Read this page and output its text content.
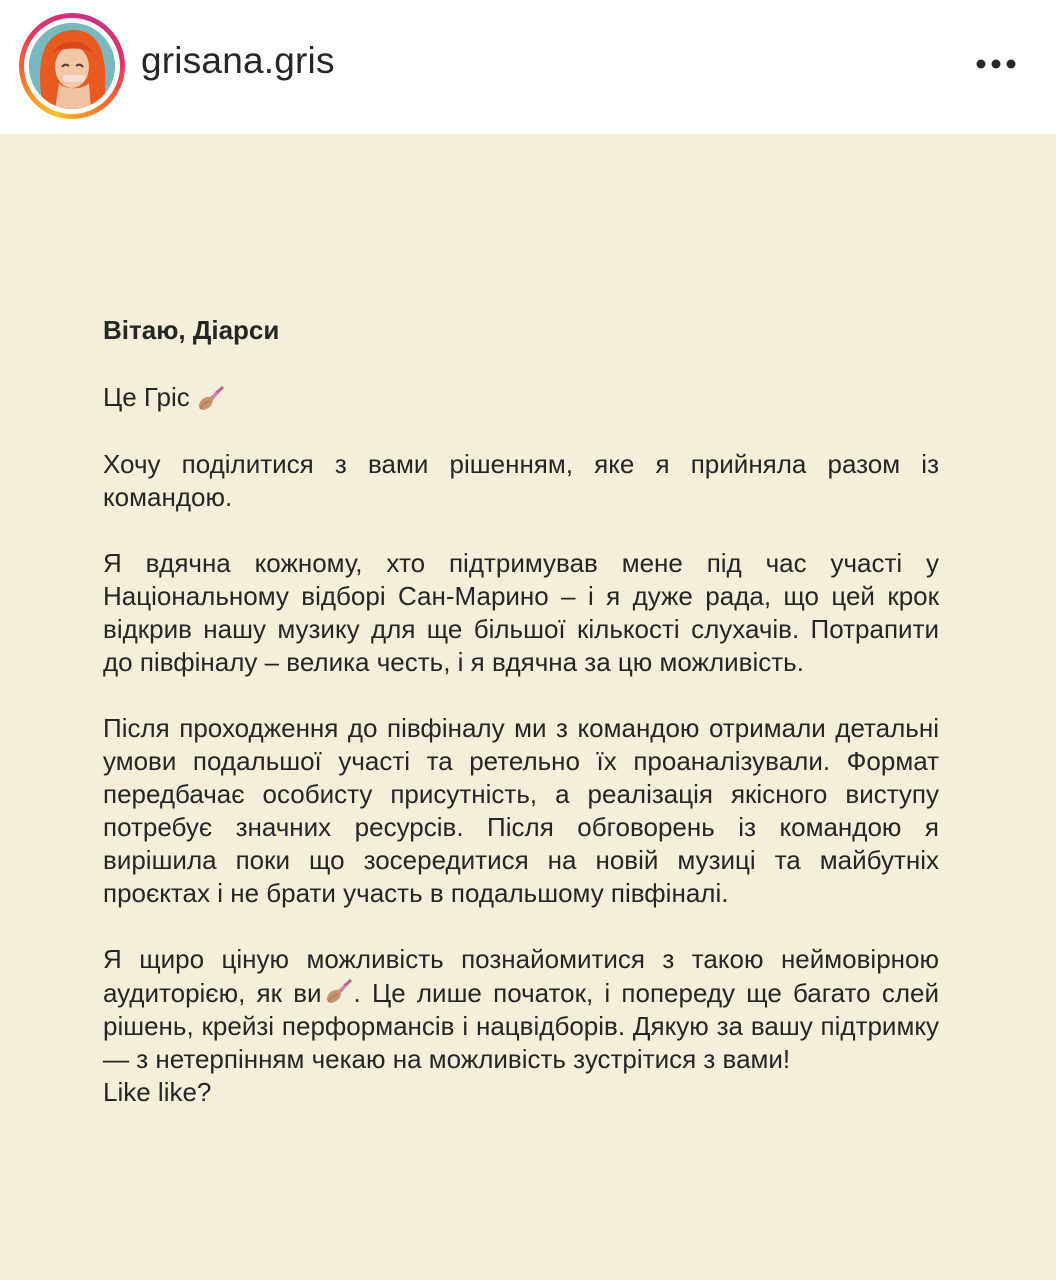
grisana.gris

Вітаю, Діарси

Це Гріс

Хочу поділитися з вами рішенням, яке я прийняла разом із командою.

Я вдячна кожному, хто підтримував мене під час участі у Національному відборі Сан-Марино – і я дуже рада, що цей крок відкрив нашу музику для ще більшої кількості слухачів. Потрапити до півфіналу – велика честь, і я вдячна за цю можливість.

Після проходження до півфіналу ми з командою отримали детальні умови подальшої участі та ретельно їх проаналізували. Формат передбачає особисту присутність, а реалізація якісного виступу потребує значних ресурсів. Після обговорень із командою я вирішила поки що зосередитися на новій музиці та майбутніх проєктах і не брати участь в подальшому півфіналі.

Я щиро ціную можливість познайомитися з такою неймовірною аудиторією, як ви . Це лише початок, і попереду ще багато слей рішень, крейзі перформансів і нацвідборів. Дякую за вашу підтримку — з нетерпінням чекаю на можливість зустрітися з вами!

Like like?
